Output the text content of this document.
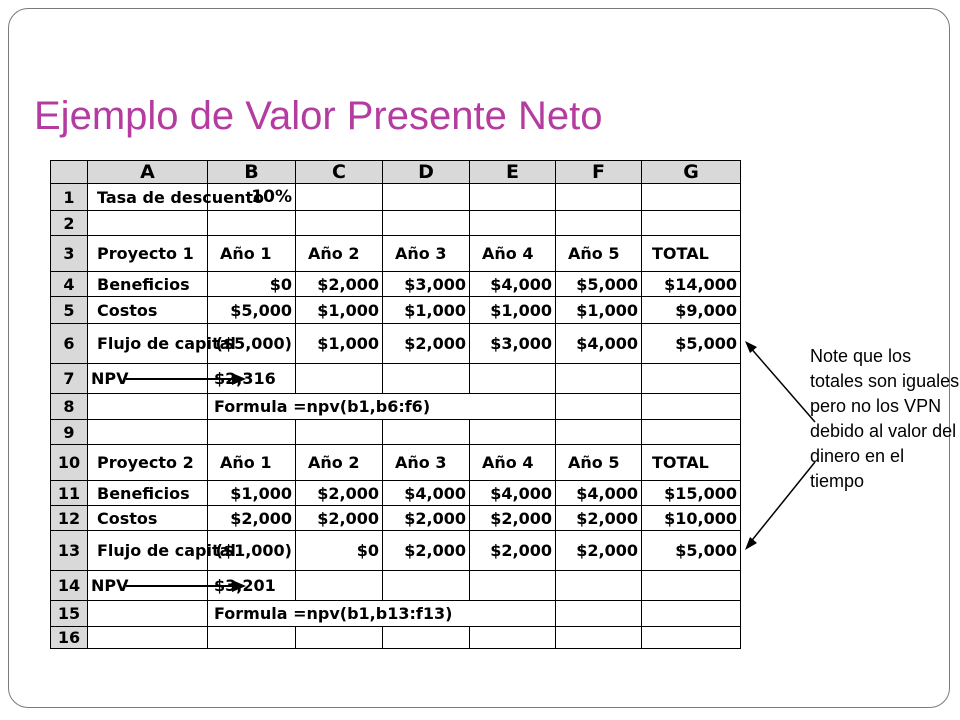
Ejemplo de Valor Presente Neto
	A	B	C	D	E	F	G
1	Tasa de descuento	10%					
2							
3	Proyecto 1	Año 1	Año 2	Año 3	Año 4	Año 5	TOTAL
4	Beneficios	$0	$2,000	$3,000	$4,000	$5,000	$14,000
5	Costos	$5,000	$1,000	$1,000	$1,000	$1,000	$9,000
6	Flujo de capital	($5,000)	$1,000	$2,000	$3,000	$4,000	$5,000
7	NPV	$2,316					
8		Formula =npv(b1,b6:f6)					
9							
10	Proyecto 2	Año 1	Año 2	Año 3	Año 4	Año 5	TOTAL
11	Beneficios	$1,000	$2,000	$4,000	$4,000	$4,000	$15,000
12	Costos	$2,000	$2,000	$2,000	$2,000	$2,000	$10,000
13	Flujo de capital	($1,000)	$0	$2,000	$2,000	$2,000	$5,000
14	NPV	$3,201					
15		Formula =npv(b1,b13:f13)					
16							
Note que los totales son iguales pero no los VPN debido al valor del dinero en el tiempo
